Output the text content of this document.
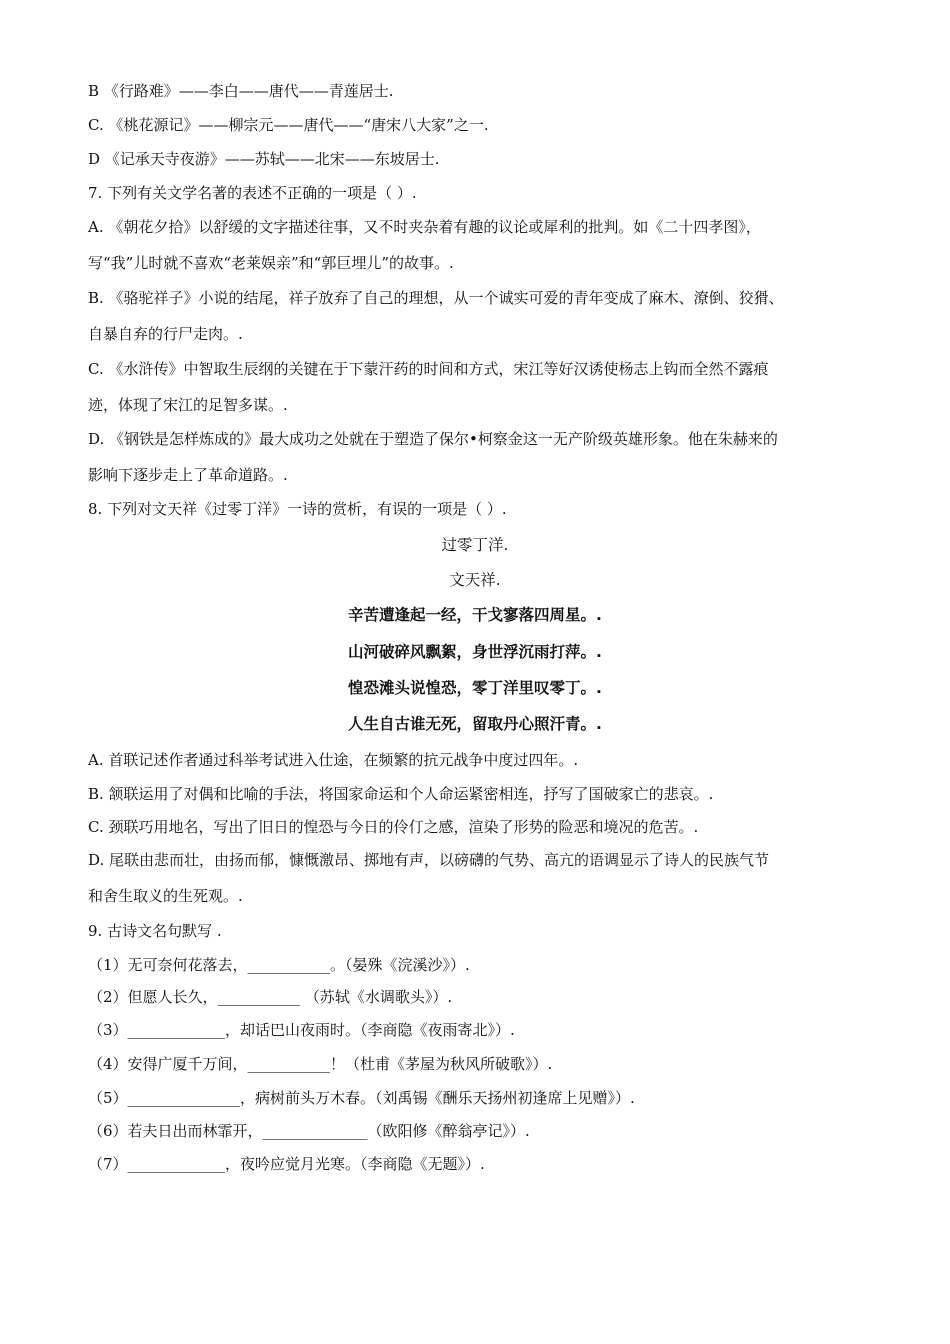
B 《行路难》——李白——唐代——青莲居士.
C. 《桃花源记》——柳宗元——唐代——“唐宋八大家”之一.
D 《记承天寺夜游》——苏轼——北宋——东坡居士.
7. 下列有关文学名著的表述不正确的一项是（ ）.
A. 《朝花夕拾》以舒缓的文字描述往事，又不时夹杂着有趣的议论或犀利的批判。如《二十四孝图》，
写“我”儿时就不喜欢“老莱娱亲”和“郭巨埋儿”的故事。.
B. 《骆驼祥子》小说的结尾，祥子放弃了自己的理想，从一个诚实可爱的青年变成了麻木、潦倒、狡猾、
自暴自弃的行尸走肉。.
C. 《水浒传》中智取生辰纲的关键在于下蒙汗药的时间和方式，宋江等好汉诱使杨志上钩而全然不露痕
迹，体现了宋江的足智多谋。.
D. 《钢铁是怎样炼成的》最大成功之处就在于塑造了保尔•柯察金这一无产阶级英雄形象。他在朱赫来的
影响下逐步走上了革命道路。.
8. 下列对文天祥《过零丁洋》一诗的赏析，有误的一项是（ ）.
过零丁洋.
文天祥.
辛苦遭逢起一经，干戈寥落四周星。.
山河破碎风飘絮，身世浮沉雨打萍。.
惶恐滩头说惶恐，零丁洋里叹零丁。.
人生自古谁无死，留取丹心照汗青。.
A. 首联记述作者通过科举考试进入仕途，在频繁的抗元战争中度过四年。.
B. 颔联运用了对偶和比喻的手法，将国家命运和个人命运紧密相连，抒写了国破家亡的悲哀。.
C. 颈联巧用地名，写出了旧日的惶恐与今日的伶仃之感，渲染了形势的险恶和境况的危苦。.
D. 尾联由悲而壮，由扬而郁，慷慨激昂、掷地有声，以磅礴的气势、高亢的语调显示了诗人的民族气节
和舍生取义的生死观。.
9. 古诗文名句默写 .
（1）无可奈何花落去，___________。（晏殊《浣溪沙》）.
（2）但愿人长久，___________ （苏轼《水调歌头》）.
（3）_____________，却话巴山夜雨时。（李商隐《夜雨寄北》）.
（4）安得广厦千万间，___________！（杜甫《茅屋为秋风所破歌》）.
（5）_______________，病树前头万木春。（刘禹锡《酬乐天扬州初逢席上见赠》）.
（6）若夫日出而林霏开，______________（欧阳修《醉翁亭记》）.
（7）_____________，夜吟应觉月光寒。（李商隐《无题》）.
